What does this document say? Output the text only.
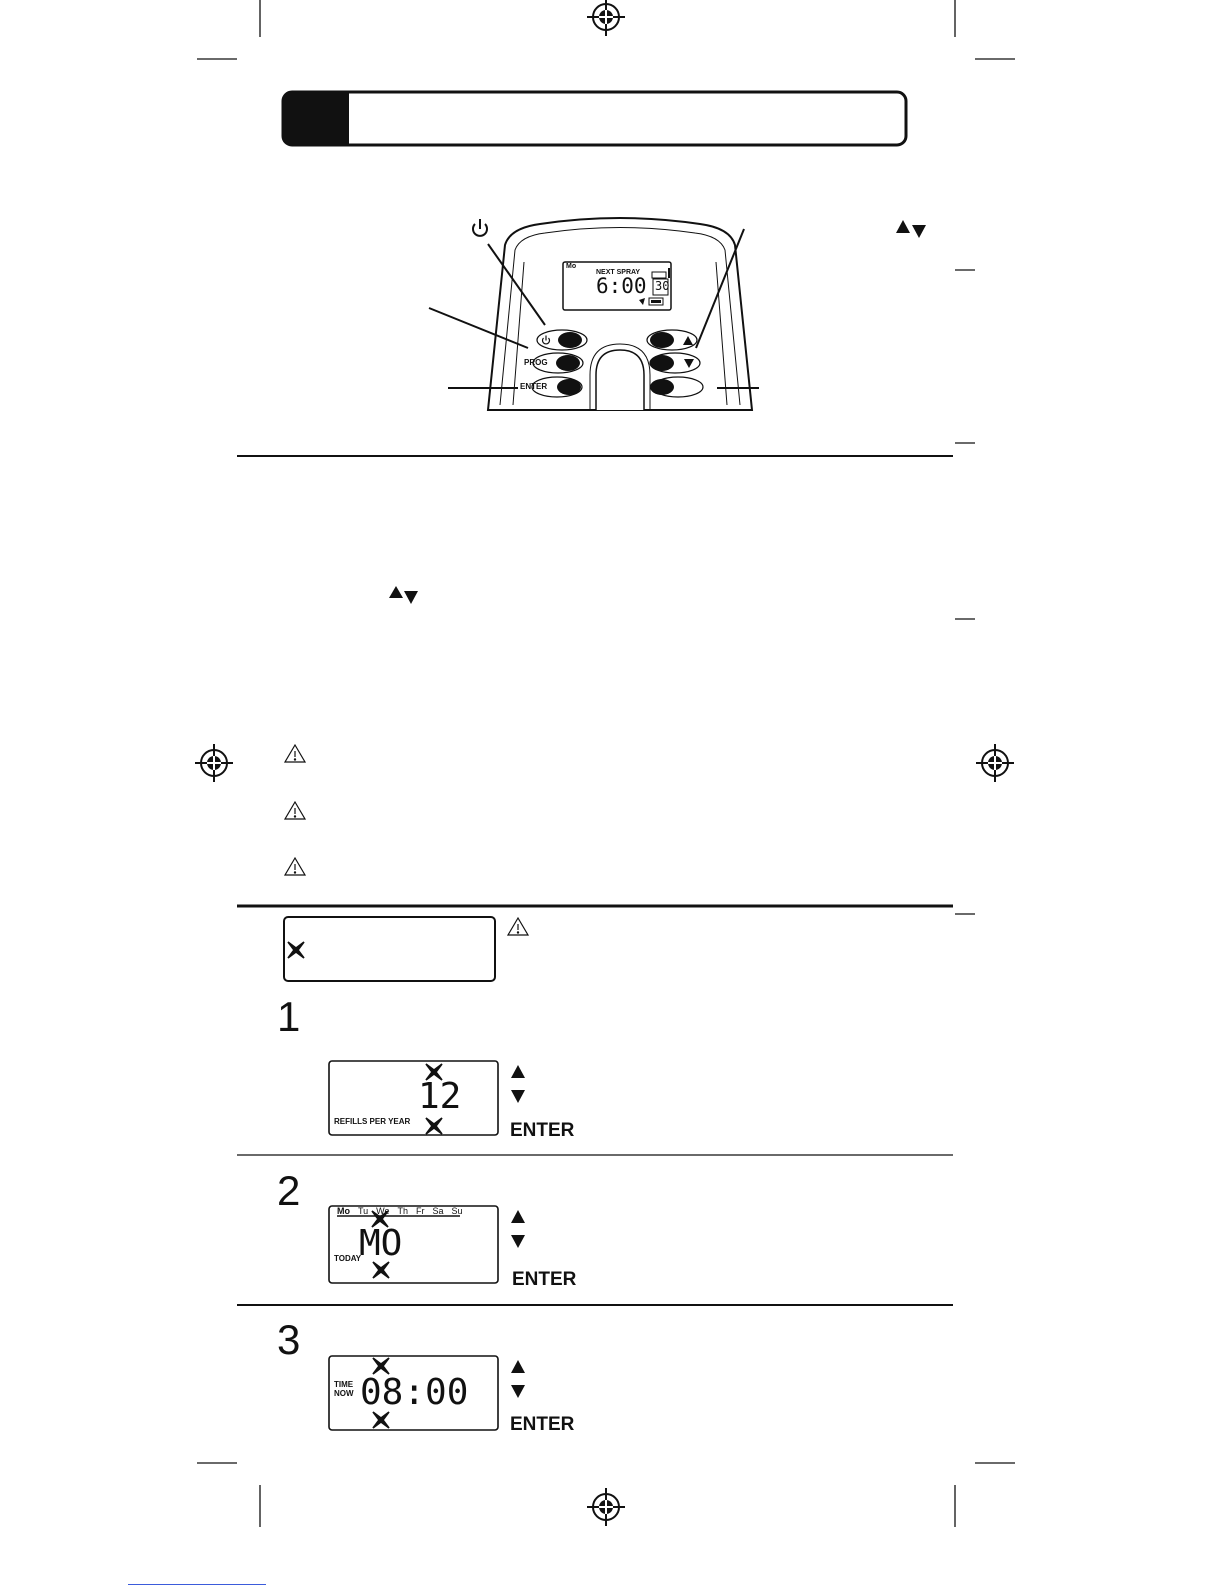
Mo
NEXT SPRAY
6:00 30
PROG
ENTER
1
12
REFILLS PER YEAR	ENTER
2	Mo Tu We Th Fr Sa Su
MO
TODAY
ENTER
3
TIME
NOW 08:00
ENTER
